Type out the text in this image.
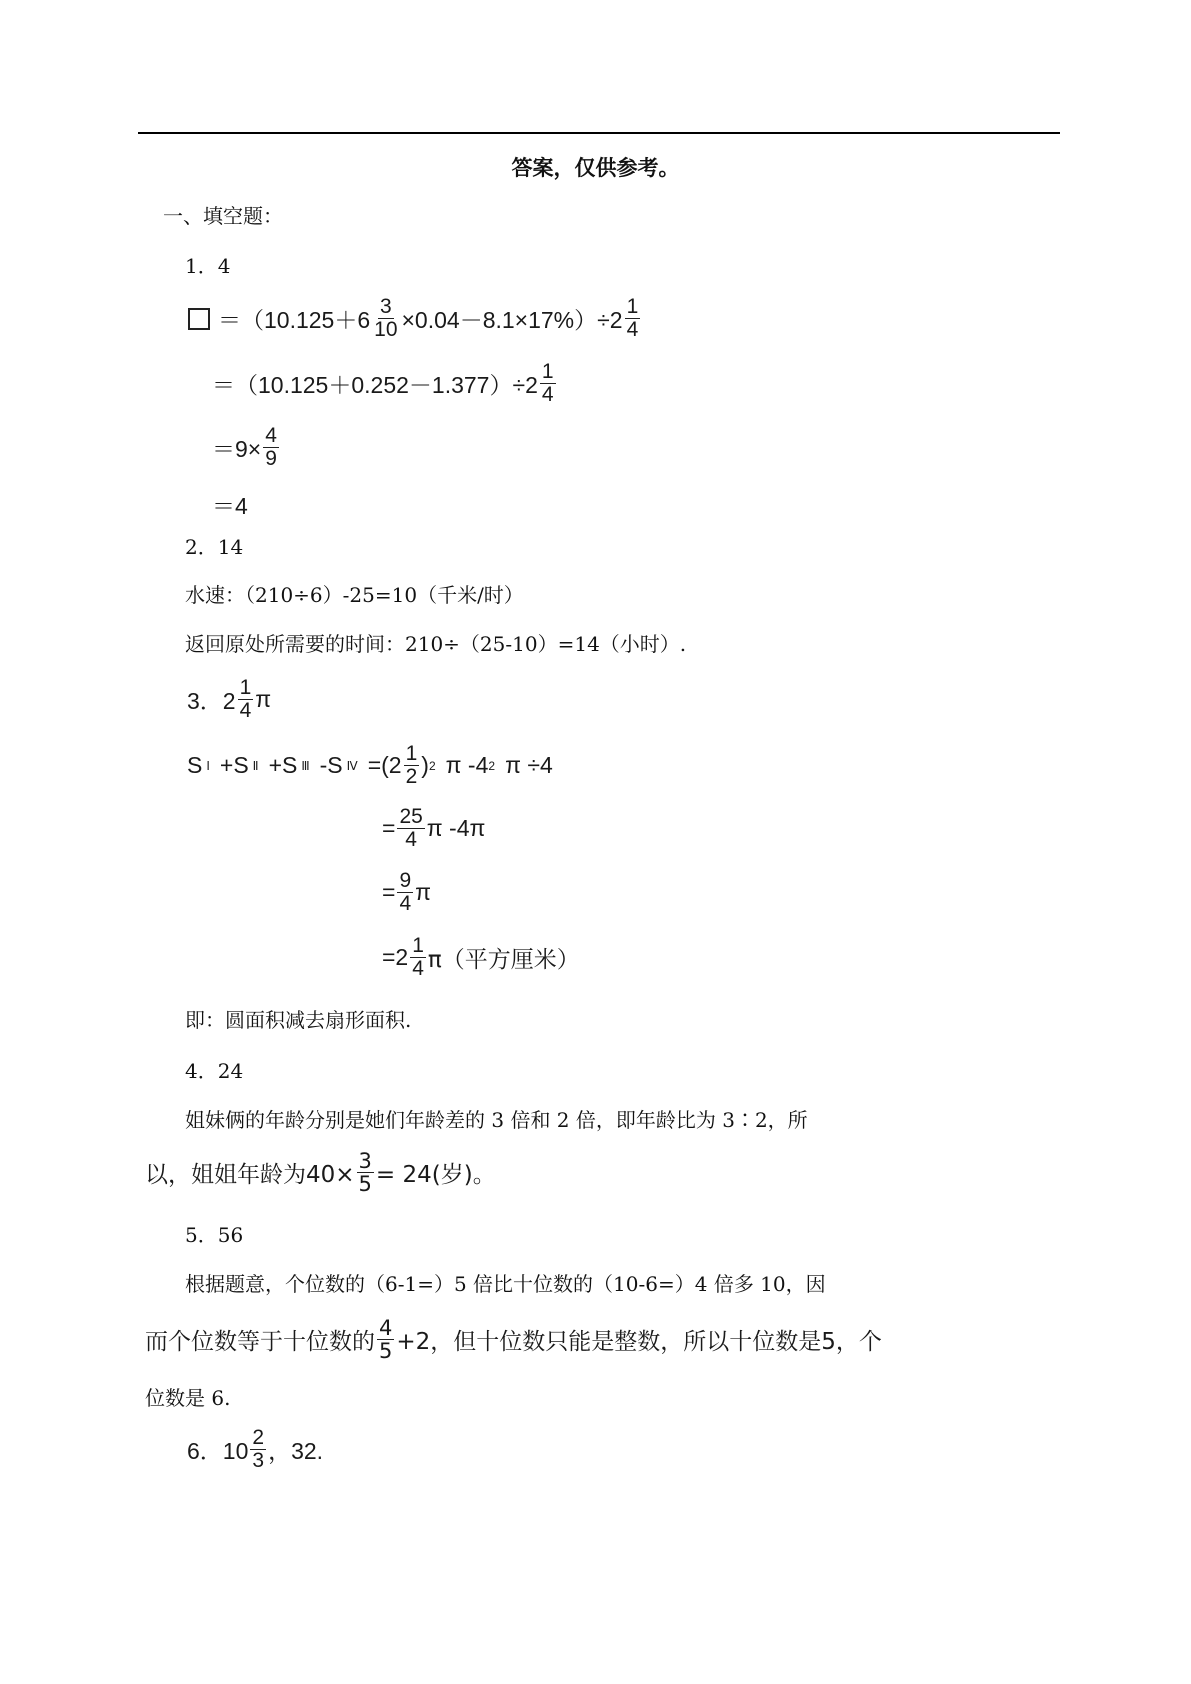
答案，仅供参考。
一、填空题：
1．4
$=(10.125+6 \frac{3}{10} \times 0.04-8.1\times 17\%)\div 2 \frac{1}{4}$
$=(10.125+0.252-1.377)\div 2 \frac{1}{4}$
$=9\times \frac{4}{9}$
＝4
2．14
水速：（210÷6）-25=10（千米/时）
返回原处所需要的时间：210÷（25-10）=14（小时）.
3．$2 \frac{1}{4}$ π
S Ⅰ +S Ⅱ +S Ⅲ -S Ⅳ $=(2 \frac{1}{2}$ ) 2 π -4 2 π ÷4
= $\frac{25}{4}$ π -4π
= $\frac{9}{4}$ π
$=2 \frac{1}{4} \pi$（平方厘米）
即：圆面积减去扇形面积.
4．24
姐妹俩的年龄分别是她们年龄差的 3 倍和 2 倍，即年龄比为 3∶2，所
以，姐姐年龄为$40\times \frac{3}{5} = 24$(岁)。
5．56
根据题意，个位数的（6-1=）5 倍比十位数的（10-6=）4 倍多 10，因
而个位数等于十位数的 $\frac{4}{5} +2$，但十位数只能是整数，所以十位数是5，个
位数是 6.
6．$10 \frac{2}{3}$ ，32.
